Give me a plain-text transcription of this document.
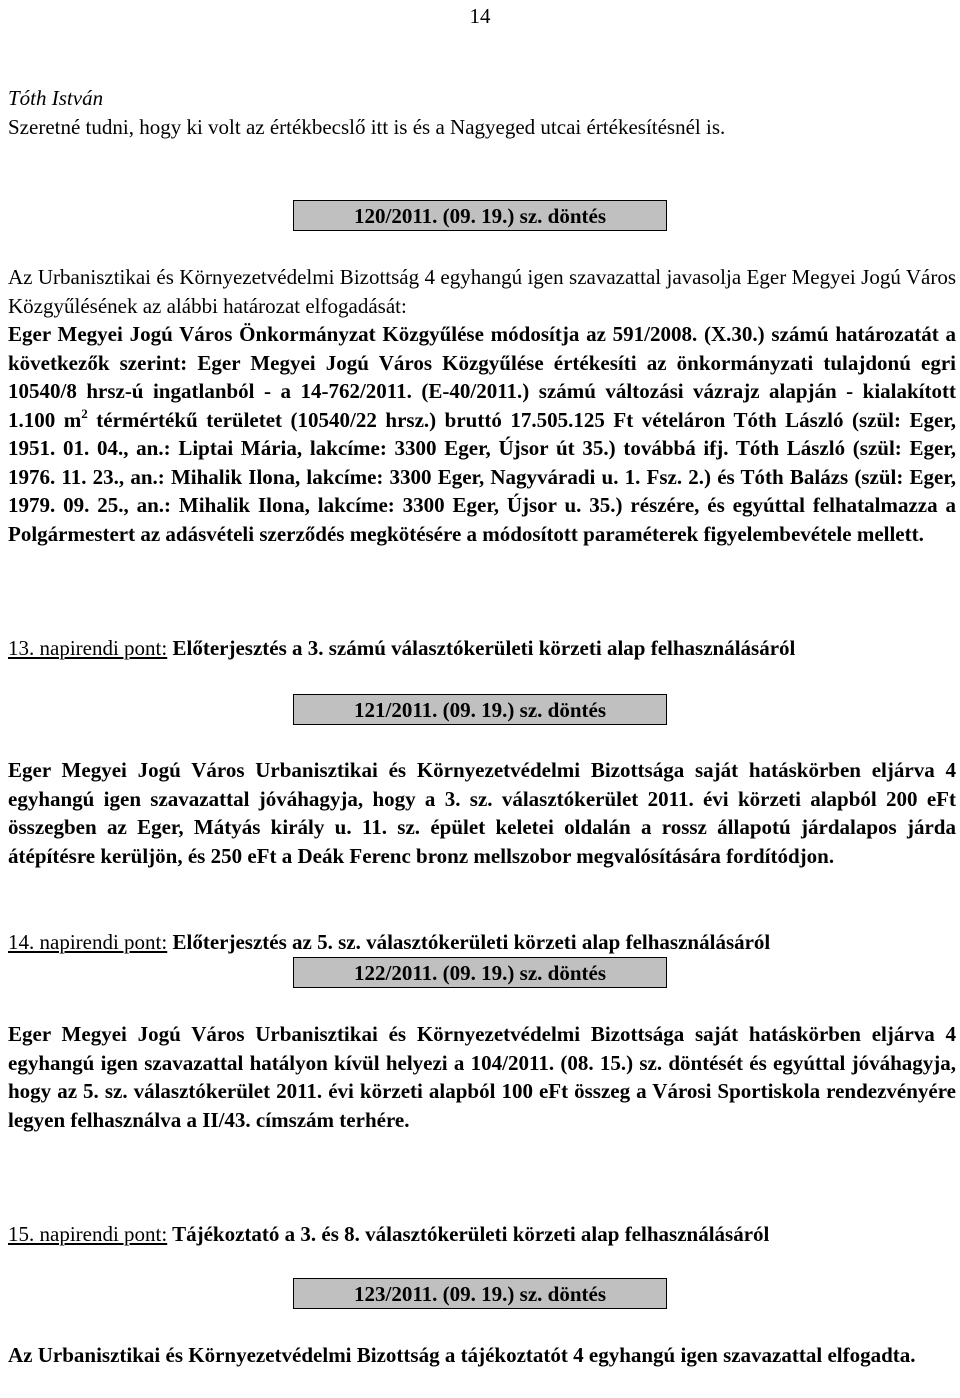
14

Tóth István

Szeretné tudni, hogy ki volt az értékbecslő itt is és a Nagyeged utcai értékesítésnél is.

120/2011. (09. 19.) sz. döntés
Az Urbanisztikai és Környezetvédelmi Bizottság 4 egyhangú igen szavazattal javasolja Eger Megyei Jogú Város Közgyűlésének az alábbi határozat elfogadását:
Eger Megyei Jogú Város Önkormányzat Közgyűlése módosítja az 591/2008. (X.30.) számú határozatát a következők szerint: Eger Megyei Jogú Város Közgyűlése értékesíti az önkormányzati tulajdonú egri 10540/8 hrsz-ú ingatlanból - a 14-762/2011. (E-40/2011.) számú változási vázrajz alapján - kialakított 1.100 $m^2$ térmértékű területet (10540/22 hrsz.) bruttó 17.505.125 Ft vételáron Tóth László (szül: Eger, 1951. 01. 04., an.: Liptai Mária, lakcíme: 3300 Eger, Újsor út 35.) továbbá ifj. Tóth László (szül: Eger, 1976. 11. 23., an.: Mihalik Ilona, lakcíme: 3300 Eger, Nagyváradi u. 1. Fsz. 2.) és Tóth Balázs (szül: Eger, 1979. 09. 25., an.: Mihalik Ilona, lakcíme: 3300 Eger, Újsor u. 35.) részére, és egyúttal felhatalmazza a Polgármestert az adásvételi szerződés megkötésére a módosított paraméterek figyelembevétele mellett.
13. napirendi pont: Előterjesztés a 3. számú választókerületi körzeti alap felhasználásáról
121/2011. (09. 19.) sz. döntés
Eger Megyei Jogú Város Urbanisztikai és Környezetvédelmi Bizottsága saját hatáskörben eljárva 4 egyhangú igen szavazattal jóváhagyja, hogy a 3. sz. választókerület 2011. évi körzeti alapból 200 eFt összegben az Eger, Mátyás király u. 11. sz. épület keletei oldalán a rossz állapotú járdalapos járda átépítésre kerüljön, és 250 eFt a Deák Ferenc bronz mellszobor megvalósítására fordítódjon.
14. napirendi pont: Előterjesztés az 5. sz. választókerületi körzeti alap felhasználásáról
122/2011. (09. 19.) sz. döntés
Eger Megyei Jogú Város Urbanisztikai és Környezetvédelmi Bizottsága saját hatáskörben eljárva 4 egyhangú igen szavazattal hatályon kívül helyezi a 104/2011. (08. 15.) sz. döntését és egyúttal jóváhagyja, hogy az 5. sz. választókerület 2011. évi körzeti alapból 100 eFt összeg a Városi Sportiskola rendezvényére legyen felhasználva a II/43. címszám terhére.
15. napirendi pont: Tájékoztató a 3. és 8. választókerületi körzeti alap felhasználásáról
123/2011. (09. 19.) sz. döntés
Az Urbanisztikai és Környezetvédelmi Bizottság a tájékoztatót 4 egyhangú igen szavazattal elfogadta.
